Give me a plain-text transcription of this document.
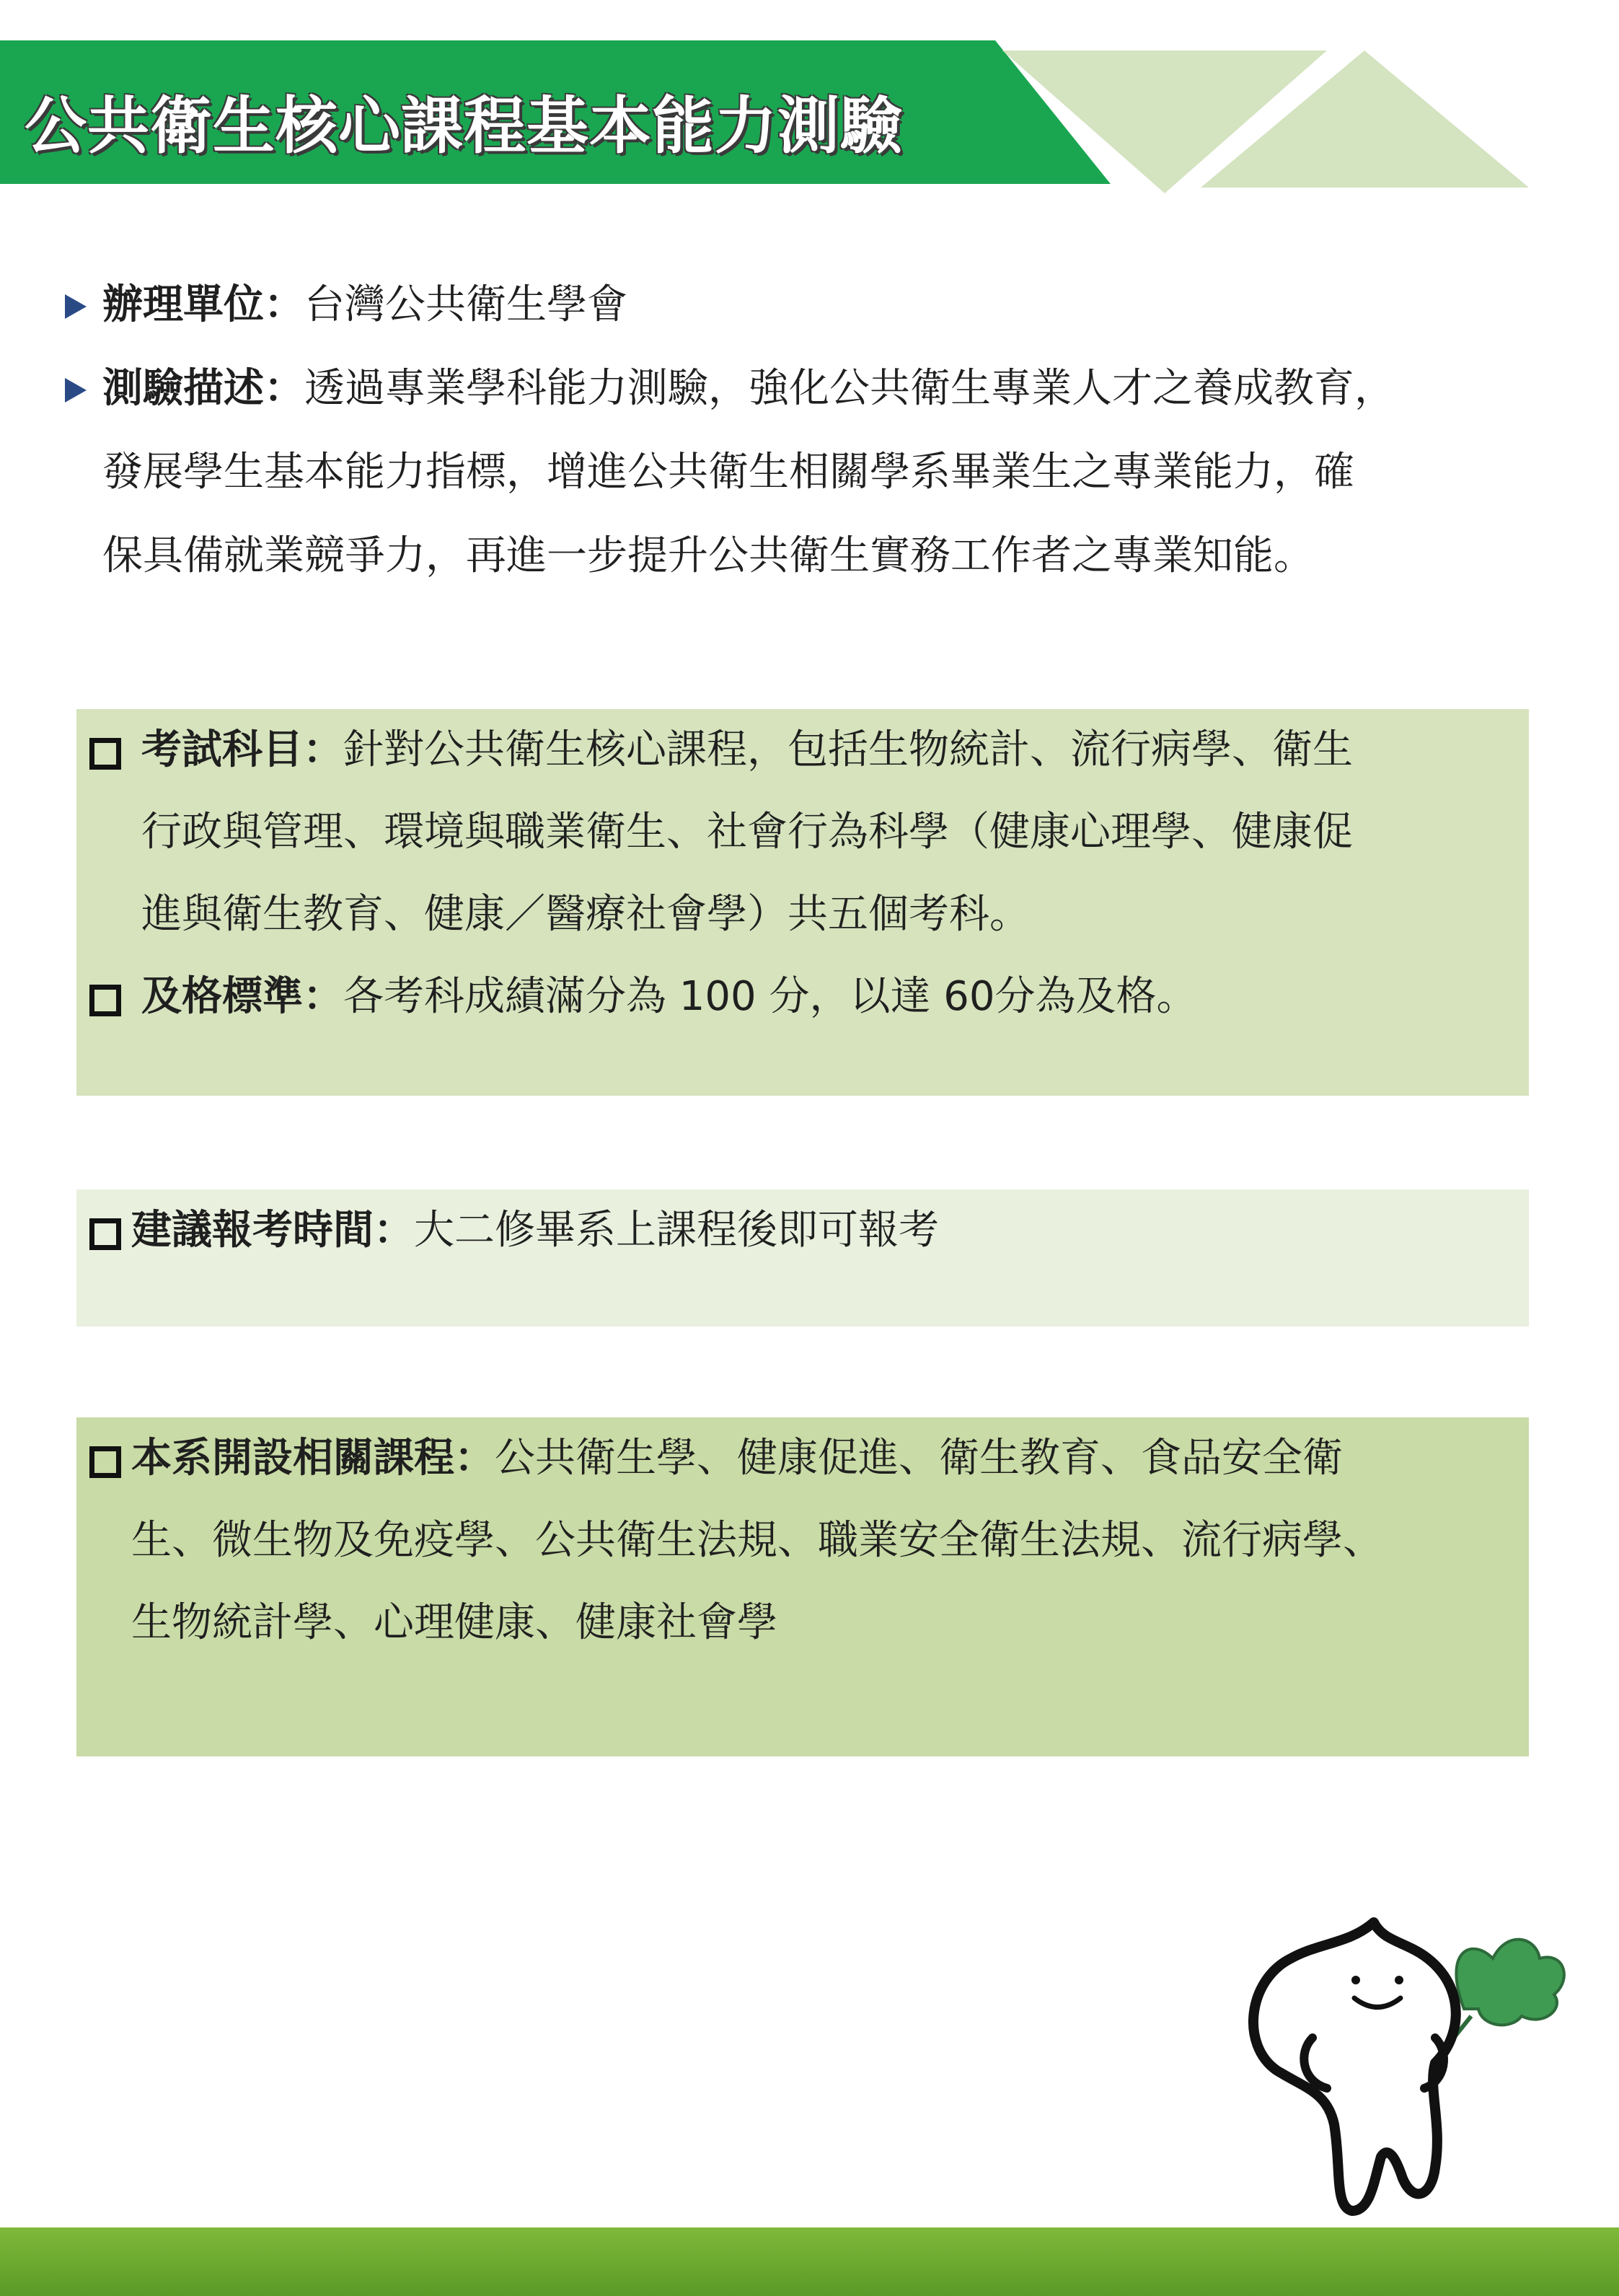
公共衛生核心課程基本能力測驗
辦理單位：台灣公共衛生學會
測驗描述：透過專業學科能力測驗，強化公共衛生專業人才之養成教育，
發展學生基本能力指標，增進公共衛生相關學系畢業生之專業能力，確
保具備就業競爭力，再進一步提升公共衛生實務工作者之專業知能。
考試科目：針對公共衛生核心課程，包括生物統計、流行病學、衛生
行政與管理、環境與職業衛生、社會行為科學（健康心理學、健康促
進與衛生教育、健康／醫療社會學）共五個考科。
及格標準：各考科成績滿分為 100 分，以達 60分為及格。
建議報考時間：大二修畢系上課程後即可報考
本系開設相關課程：公共衛生學、健康促進、衛生教育、食品安全衛
生、微生物及免疫學、公共衛生法規、職業安全衛生法規、流行病學、
生物統計學、心理健康、健康社會學
